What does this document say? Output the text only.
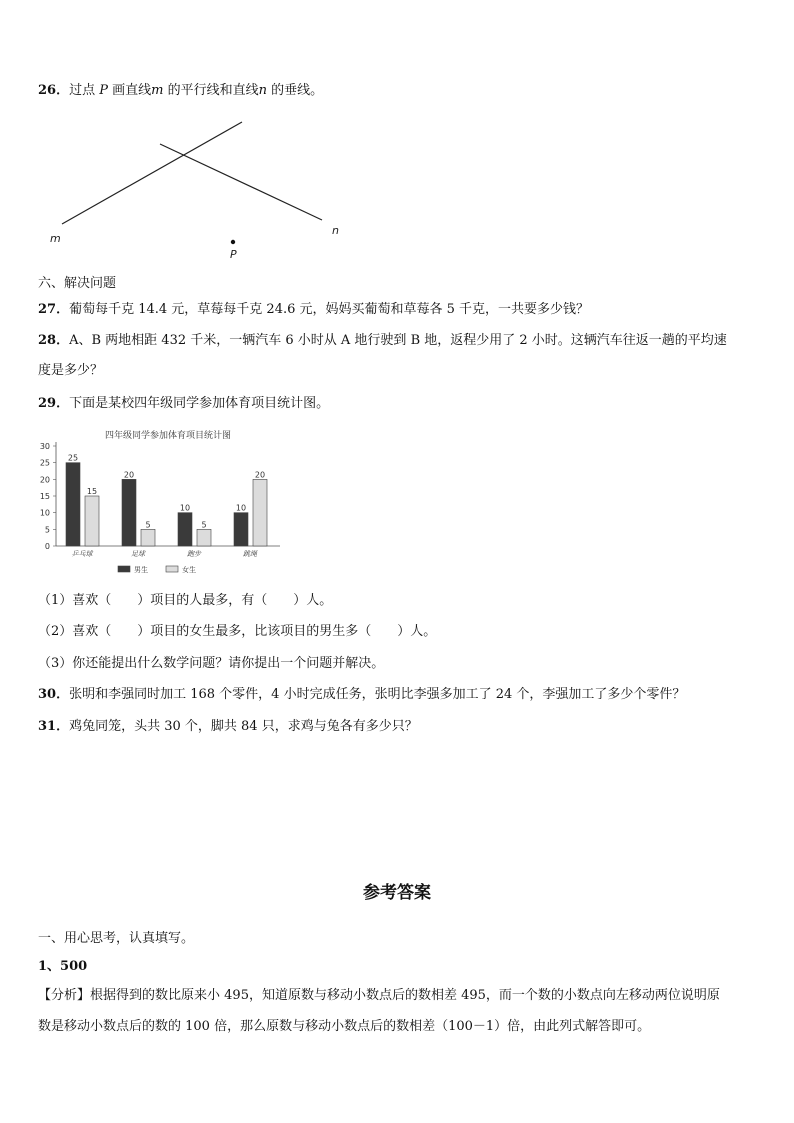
26．过点 P 画直线m 的平行线和直线n 的垂线。
m
n
P
六、解决问题
27．葡萄每千克 14.4 元，草莓每千克 24.6 元，妈妈买葡萄和草莓各 5 千克，一共要多少钱？
28．A、B 两地相距 432 千米，一辆汽车 6 小时从 A 地行驶到 B 地，返程少用了 2 小时。这辆汽车往返一趟的平均速
度是多少？
29．下面是某校四年级同学参加体育项目统计图。
四年级同学参加体育项目统计图
0
5
10
15
20
25
30
25
15
乒乓球
20
5
足球
10
5
跑步
10
20
跳绳
男生	女生
（1）喜欢（　　）项目的人最多，有（　　）人。
（2）喜欢（　　）项目的女生最多，比该项目的男生多（　　）人。
（3）你还能提出什么数学问题？请你提出一个问题并解决。
30．张明和李强同时加工 168 个零件，4 小时完成任务，张明比李强多加工了 24 个，李强加工了多少个零件？
31．鸡兔同笼，头共 30 个，脚共 84 只，求鸡与兔各有多少只？
参考答案
一、用心思考，认真填写。
1、500
【分析】根据得到的数比原来小 495，知道原数与移动小数点后的数相差 495，而一个数的小数点向左移动两位说明原
数是移动小数点后的数的 100 倍，那么原数与移动小数点后的数相差（100－1）倍，由此列式解答即可。
